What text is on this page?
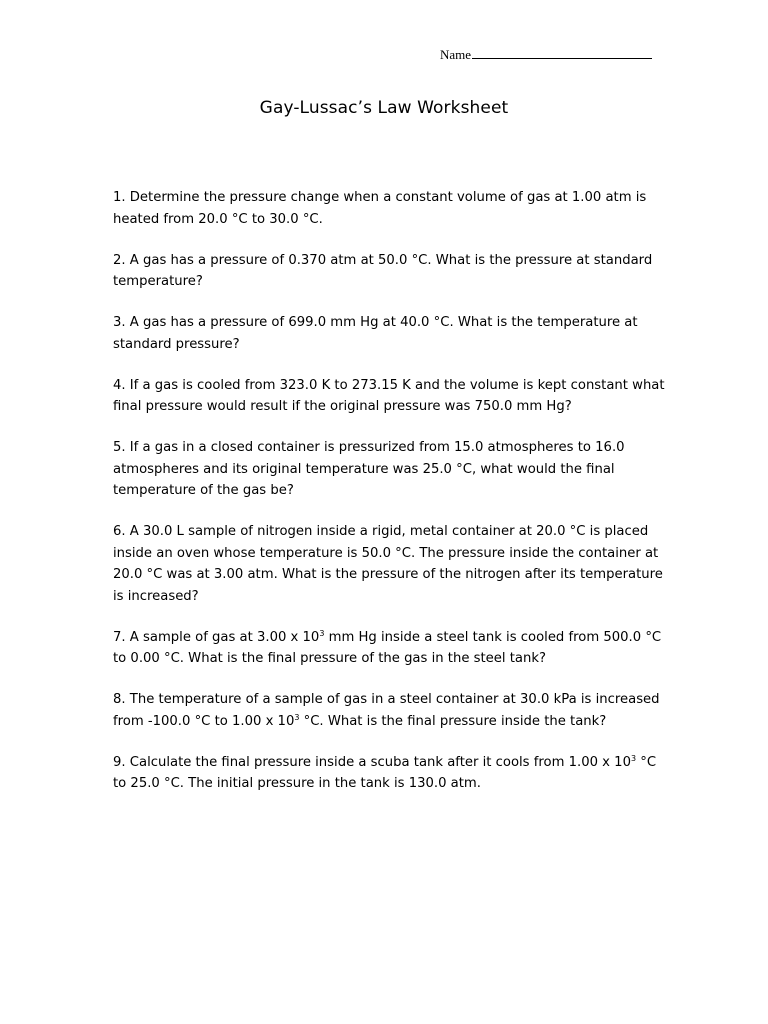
Name
Gay-Lussac’s Law Worksheet
1. Determine the pressure change when a constant volume of gas at 1.00 atm is heated from 20.0 °C to 30.0 °C.
2. A gas has a pressure of 0.370 atm at 50.0 °C. What is the pressure at standard temperature?
3. A gas has a pressure of 699.0 mm Hg at 40.0 °C. What is the temperature at standard pressure?
4. If a gas is cooled from 323.0 K to 273.15 K and the volume is kept constant what final pressure would result if the original pressure was 750.0 mm Hg?
5. If a gas in a closed container is pressurized from 15.0 atmospheres to 16.0 atmospheres and its original temperature was 25.0 °C, what would the final temperature of the gas be?
6. A 30.0 L sample of nitrogen inside a rigid, metal container at 20.0 °C is placed inside an oven whose temperature is 50.0 °C. The pressure inside the container at 20.0 °C was at 3.00 atm. What is the pressure of the nitrogen after its temperature is increased?
7. A sample of gas at 3.00 x $10^3$ mm Hg inside a steel tank is cooled from 500.0 °C to 0.00 °C. What is the final pressure of the gas in the steel tank?
8. The temperature of a sample of gas in a steel container at 30.0 kPa is increased from -100.0 °C to 1.00 x $10^3$ °C. What is the final pressure inside the tank?
9. Calculate the final pressure inside a scuba tank after it cools from 1.00 x $10^3$ °C to 25.0 °C. The initial pressure in the tank is 130.0 atm.
